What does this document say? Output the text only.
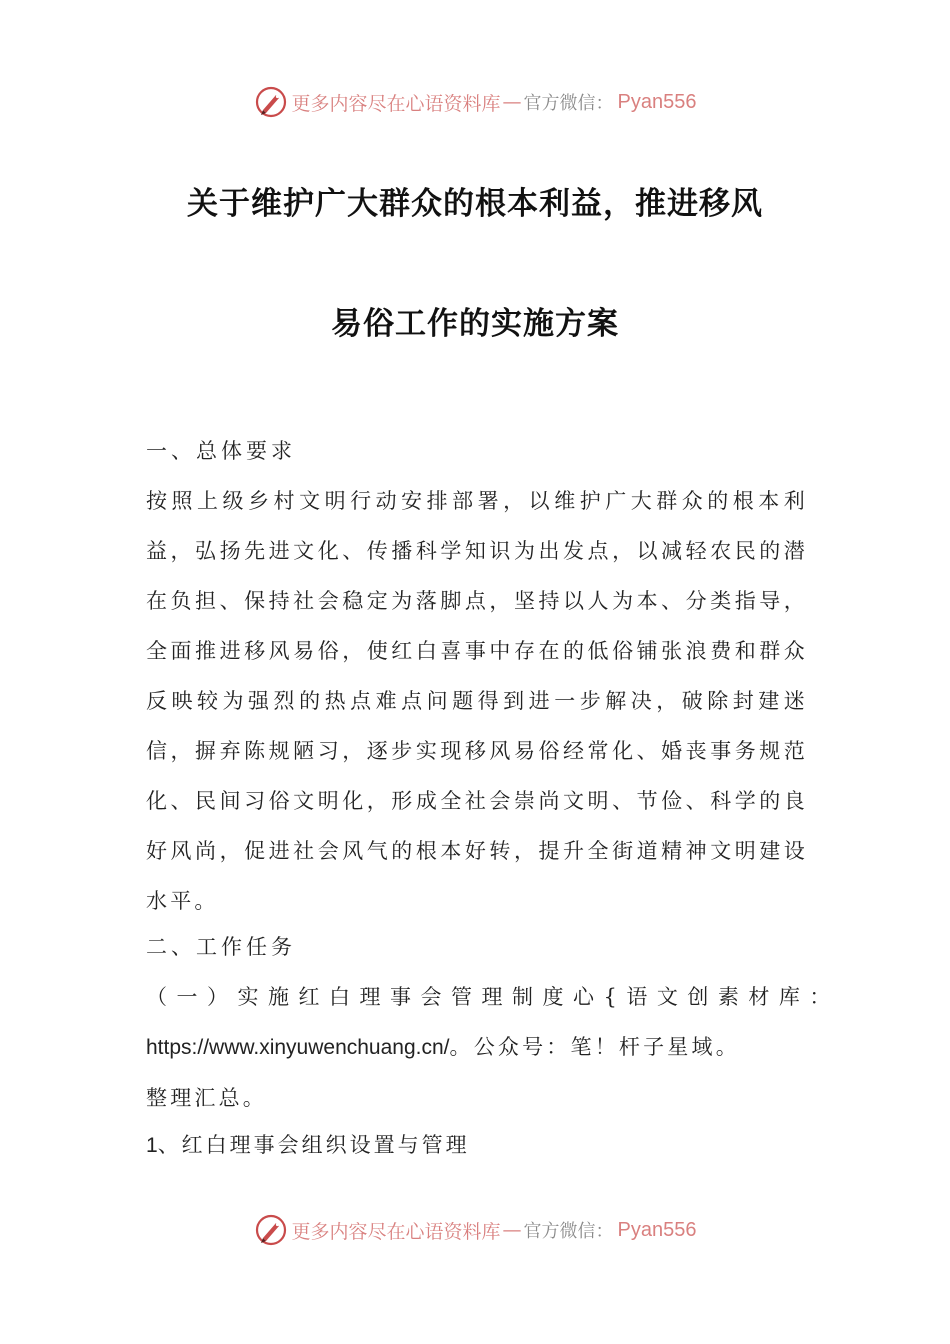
更多内容尽在心语资料库 — 官方微信： Pyan556
关于维护广大群众的根本利益，推进移风
易俗工作的实施方案
一、总体要求
按照上级乡村文明行动安排部署，以维护广大群众的根本利益，弘扬先进文化、传播科学知识为出发点，以减轻农民的潜在负担、保持社会稳定为落脚点，坚持以人为本、分类指导，全面推进移风易俗，使红白喜事中存在的低俗铺张浪费和群众反映较为强烈的热点难点问题得到进一步解决，破除封建迷信，摒弃陈规陋习，逐步实现移风易俗经常化、婚丧事务规范化、民间习俗文明化，形成全社会崇尚文明、节俭、科学的良好风尚，促进社会风气的根本好转，提升全街道精神文明建设水平。
二、工作任务
（一）实施红白理事会管理制度心{语文创素材库：
https://www.xinyuwenchuang.cn/。公众号：笔！杆子星域。
整理汇总。
1、红白理事会组织设置与管理
更多内容尽在心语资料库 — 官方微信： Pyan556
